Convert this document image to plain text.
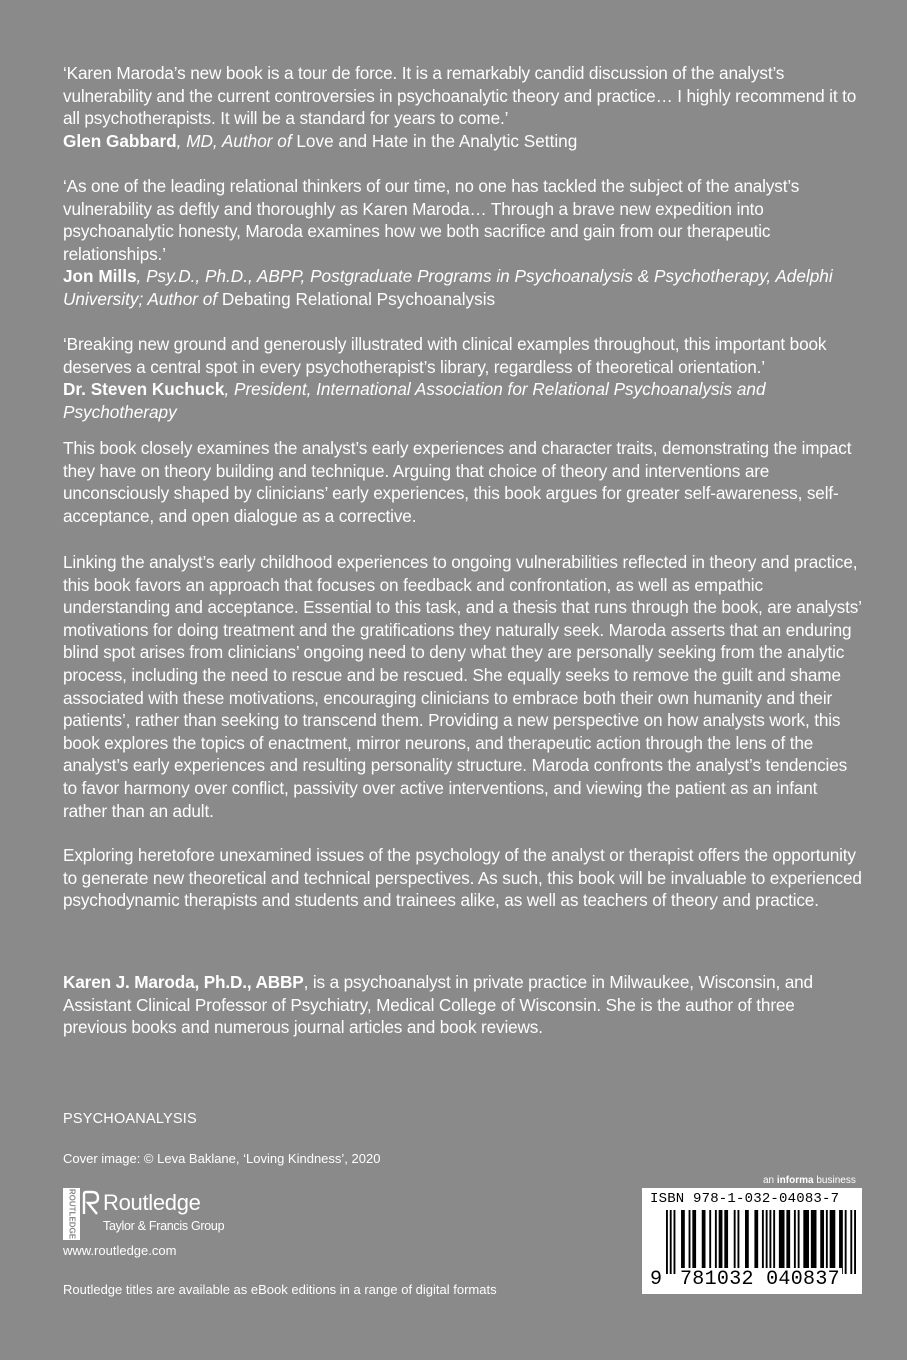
‘Karen Maroda’s new book is a tour de force. It is a remarkably candid discussion of the analyst’s vulnerability and the current controversies in psychoanalytic theory and practice… I highly recommend it to all psychotherapists. It will be a standard for years to come.’

Glen Gabbard, MD, Author of Love and Hate in the Analytic Setting

‘As one of the leading relational thinkers of our time, no one has tackled the subject of the analyst’s vulnerability as deftly and thoroughly as Karen Maroda… Through a brave new expedition into psychoanalytic honesty, Maroda examines how we both sacrifice and gain from our therapeutic relationships.’

Jon Mills, Psy.D., Ph.D., ABPP, Postgraduate Programs in Psychoanalysis & Psychotherapy, Adelphi University; Author of Debating Relational Psychoanalysis

‘Breaking new ground and generously illustrated with clinical examples throughout, this important book deserves a central spot in every psychotherapist’s library, regardless of theoretical orientation.’

Dr. Steven Kuchuck, President, International Association for Relational Psychoanalysis and Psychotherapy

This book closely examines the analyst’s early experiences and character traits, demonstrating the impact they have on theory building and technique. Arguing that choice of theory and interventions are unconsciously shaped by clinicians’ early experiences, this book argues for greater self-awareness, self-acceptance, and open dialogue as a corrective.

Linking the analyst’s early childhood experiences to ongoing vulnerabilities reflected in theory and practice, this book favors an approach that focuses on feedback and confrontation, as well as empathic understanding and acceptance. Essential to this task, and a thesis that runs through the book, are analysts’ motivations for doing treatment and the gratifications they naturally seek. Maroda asserts that an enduring blind spot arises from clinicians’ ongoing need to deny what they are personally seeking from the analytic process, including the need to rescue and be rescued. She equally seeks to remove the guilt and shame associated with these motivations, encouraging clinicians to embrace both their own humanity and their patients’, rather than seeking to transcend them. Providing a new perspective on how analysts work, this book explores the topics of enactment, mirror neurons, and therapeutic action through the lens of the analyst’s early experiences and resulting personality structure. Maroda confronts the analyst’s tendencies to favor harmony over conflict, passivity over active interventions, and viewing the patient as an infant rather than an adult.

Exploring heretofore unexamined issues of the psychology of the analyst or therapist offers the opportunity to generate new theoretical and technical perspectives. As such, this book will be invaluable to experienced psychodynamic therapists and students and trainees alike, as well as teachers of theory and practice.

Karen J. Maroda, Ph.D., ABBP, is a psychoanalyst in private practice in Milwaukee, Wisconsin, and Assistant Clinical Professor of Psychiatry, Medical College of Wisconsin. She is the author of three previous books and numerous journal articles and book reviews.

PSYCHOANALYSIS
Cover image: © Leva Baklane, ‘Loving Kindness’, 2020
ROUTLEDGE Routledge
Taylor & Francis Group
www.routledge.com
Routledge titles are available as eBook editions in a range of digital formats
an informa business
ISBN 978-1-032-04083-7
9 781032 040837
